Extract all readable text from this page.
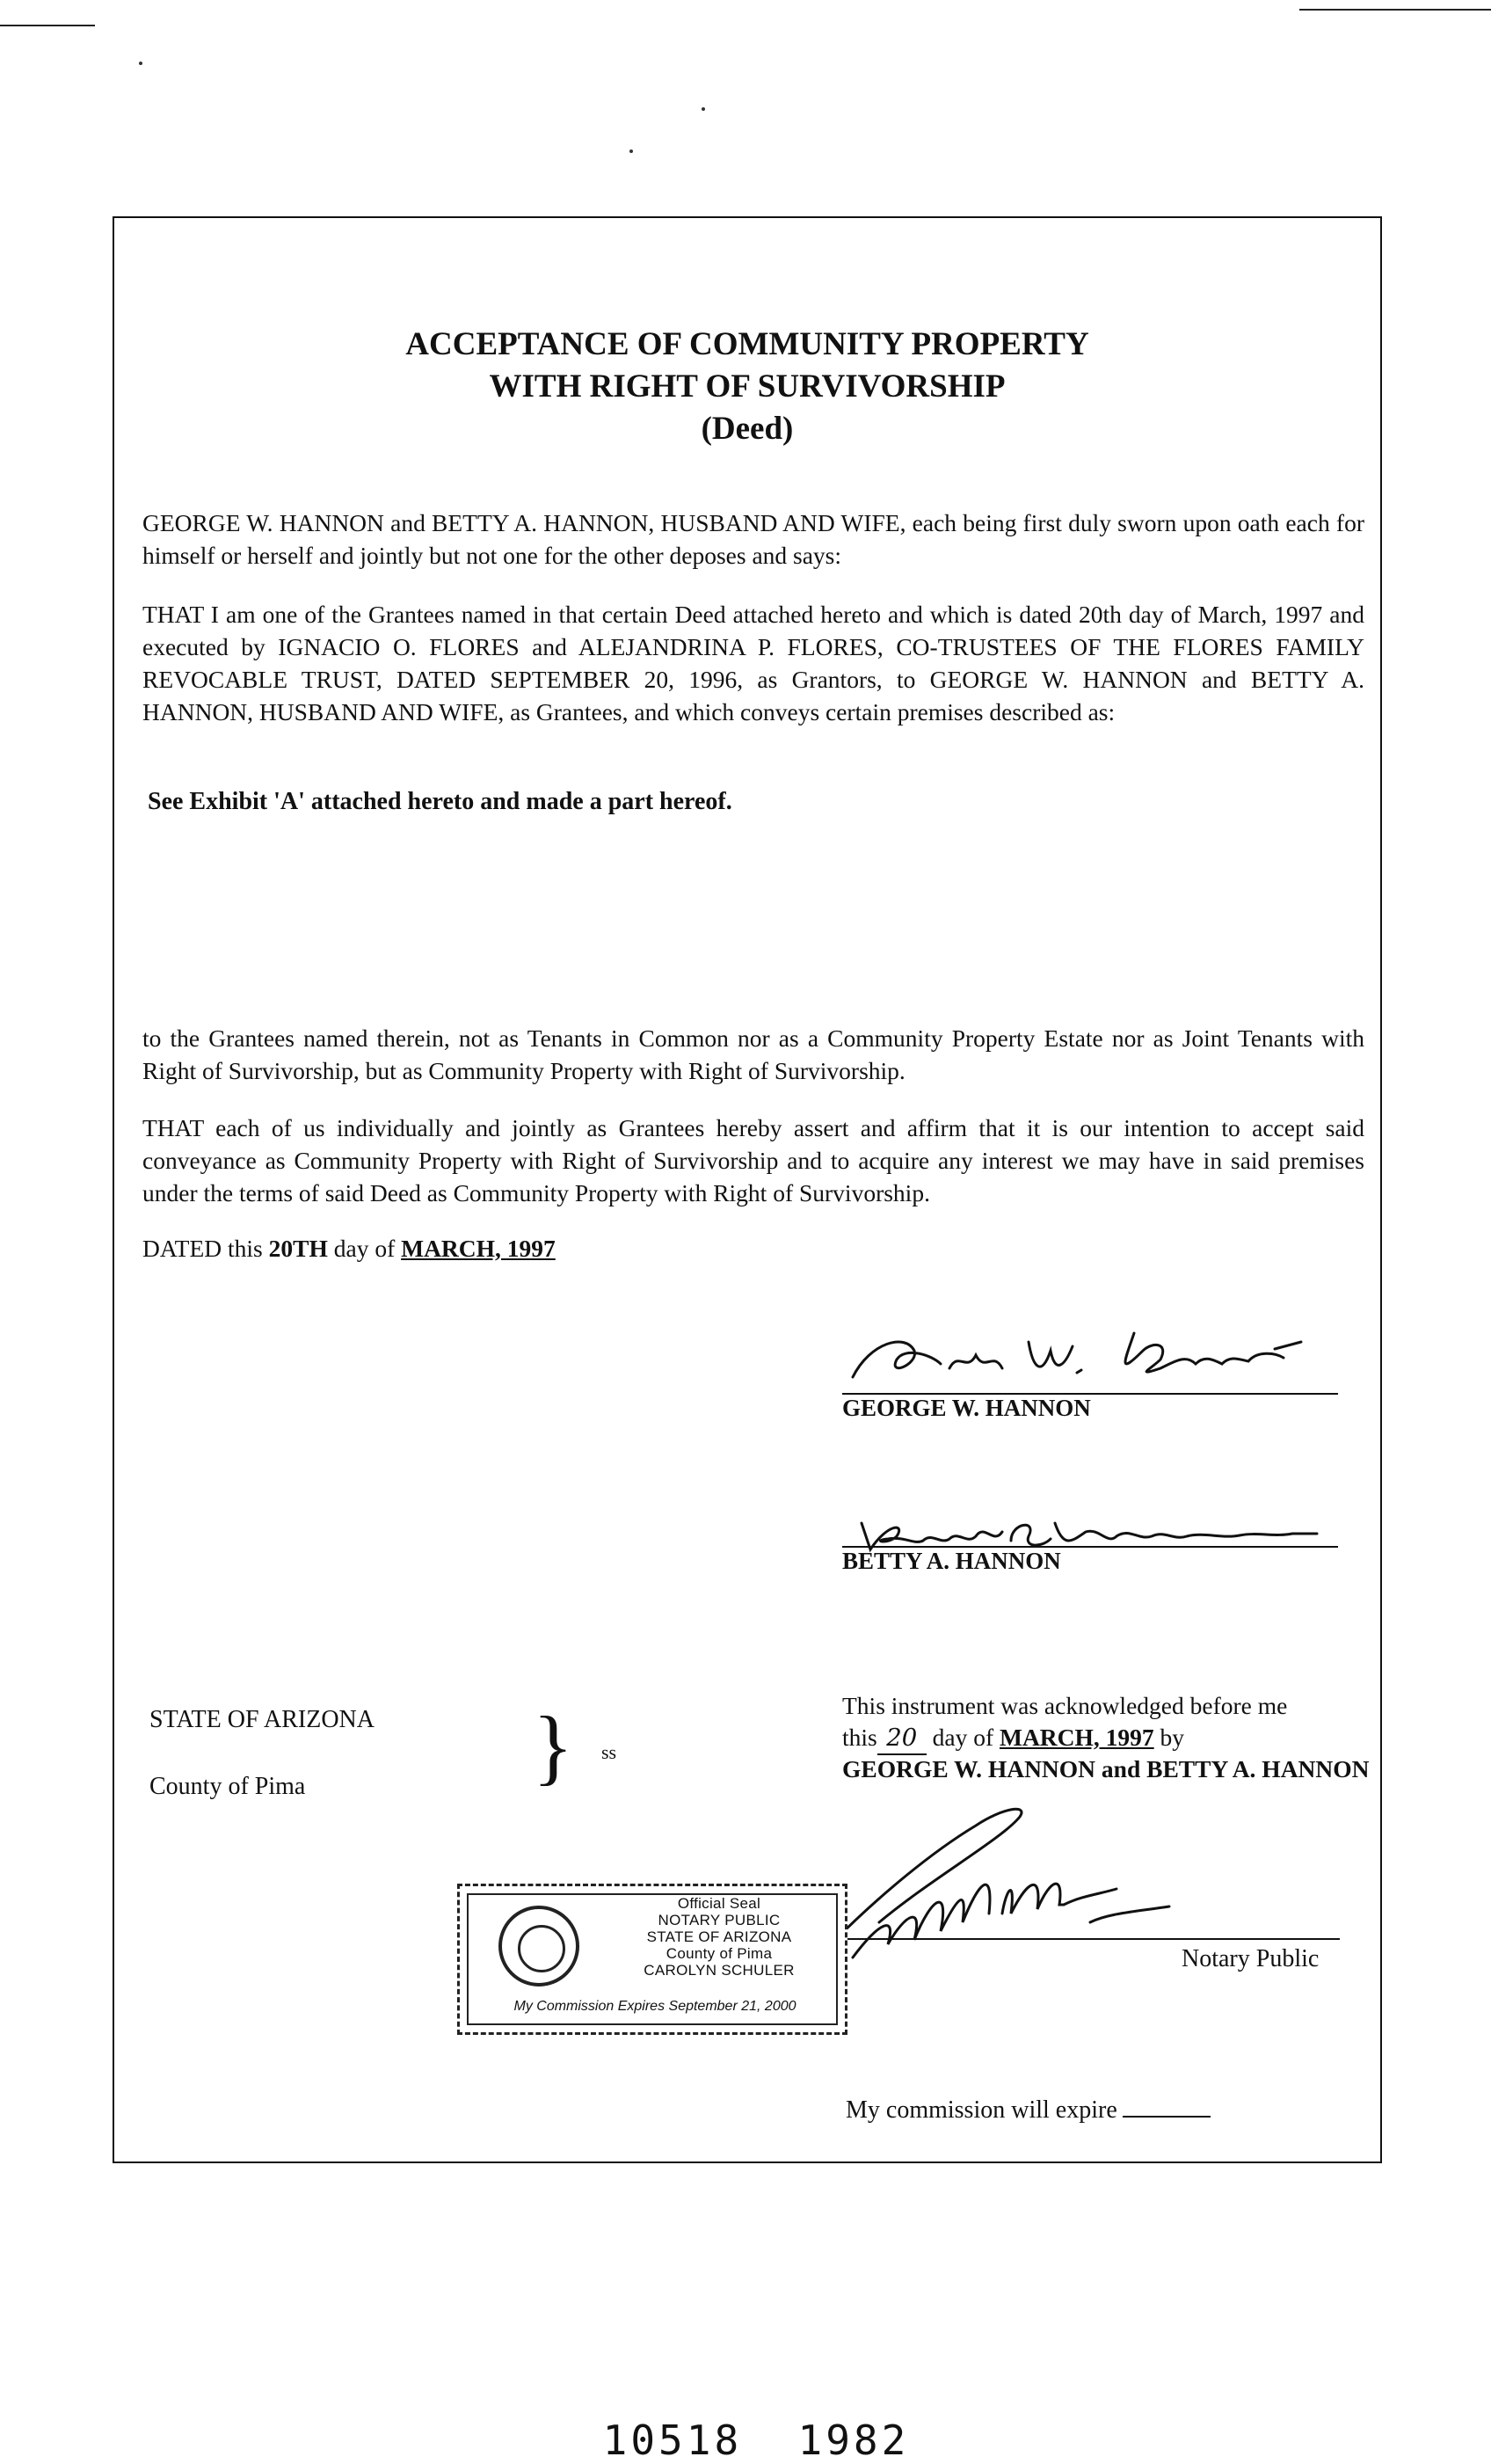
ACCEPTANCE OF COMMUNITY PROPERTY
WITH RIGHT OF SURVIVORSHIP
(Deed)
GEORGE W. HANNON and BETTY A. HANNON, HUSBAND AND WIFE, each being first duly sworn upon oath each for himself or herself and jointly but not one for the other deposes and says:
THAT I am one of the Grantees named in that certain Deed attached hereto and which is dated 20th day of March, 1997 and executed by IGNACIO O. FLORES and ALEJANDRINA P. FLORES, CO-TRUSTEES OF THE FLORES FAMILY REVOCABLE TRUST, DATED SEPTEMBER 20, 1996, as Grantors, to GEORGE W. HANNON and BETTY A. HANNON, HUSBAND AND WIFE, as Grantees, and which conveys certain premises described as:
See Exhibit 'A' attached hereto and made a part hereof.
to the Grantees named therein, not as Tenants in Common nor as a Community Property Estate nor as Joint Tenants with Right of Survivorship, but as Community Property with Right of Survivorship.
THAT each of us individually and jointly as Grantees hereby assert and affirm that it is our intention to accept said conveyance as Community Property with Right of Survivorship and to acquire any interest we may have in said premises under the terms of said Deed as Community Property with Right of Survivorship.
DATED this 20TH day of MARCH, 1997
GEORGE W. HANNON
BETTY A. HANNON
STATE OF ARIZONA
County of Pima	} ss
This instrument was acknowledged before me
this 20 day of MARCH, 1997 by
GEORGE W. HANNON and BETTY A. HANNON
Notary Public
Official Seal
NOTARY PUBLIC
STATE OF ARIZONA
County of Pima
CAROLYN SCHULER
My Commission Expires September 21, 2000
My commission will expire
10518  1982
